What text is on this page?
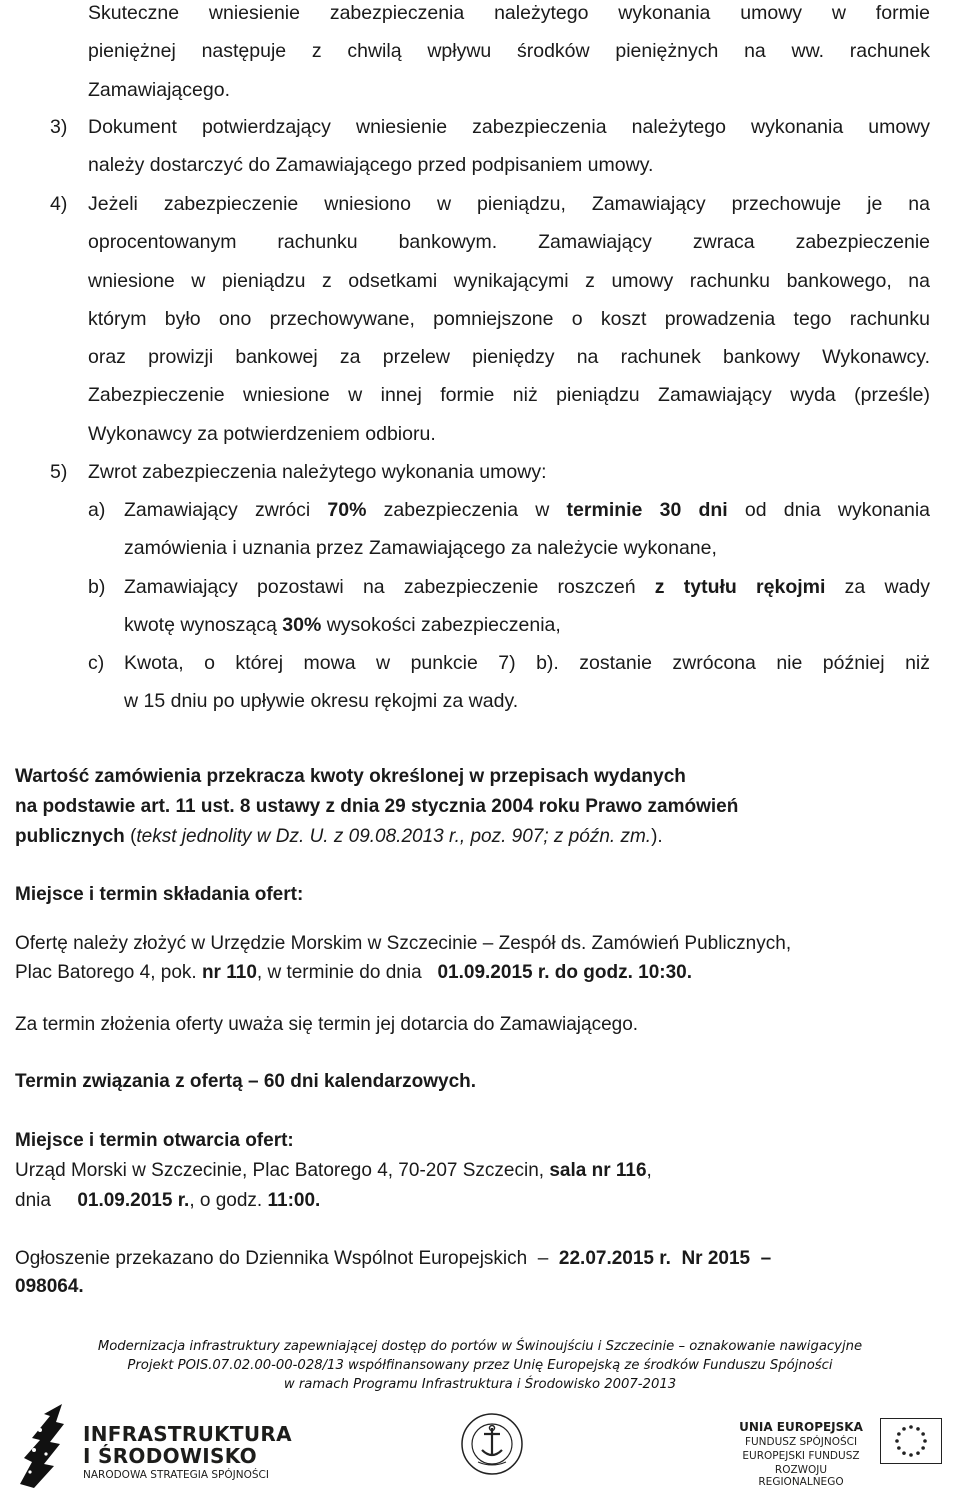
Skuteczne wniesienie zabezpieczenia należytego wykonania umowy w formie
pieniężnej następuje z chwilą wpływu środków pieniężnych na ww. rachunek
Zamawiającego.
3) Dokument potwierdzający wniesienie zabezpieczenia należytego wykonania umowy
należy dostarczyć do Zamawiającego przed podpisaniem umowy.
4) Jeżeli zabezpieczenie wniesiono w pieniądzu, Zamawiający przechowuje je na
oprocentowanym rachunku bankowym. Zamawiający zwraca zabezpieczenie
wniesione w pieniądzu z odsetkami wynikającymi z umowy rachunku bankowego, na
którym było ono przechowywane, pomniejszone o koszt prowadzenia tego rachunku
oraz prowizji bankowej za przelew pieniędzy na rachunek bankowy Wykonawcy.
Zabezpieczenie wniesione w innej formie niż pieniądzu Zamawiający wyda (prześle)
Wykonawcy za potwierdzeniem odbioru.
5) Zwrot zabezpieczenia należytego wykonania umowy:
a) Zamawiający zwróci 70% zabezpieczenia w terminie 30 dni od dnia wykonania
zamówienia i uznania przez Zamawiającego za należycie wykonane,
b) Zamawiający pozostawi na zabezpieczenie roszczeń z tytułu rękojmi za wady
kwotę wynoszącą 30% wysokości zabezpieczenia,
c) Kwota, o której mowa w punkcie 7) b). zostanie zwrócona nie później niż
w 15 dniu po upływie okresu rękojmi za wady.
Wartość zamówienia przekracza kwoty określonej w przepisach wydanych
na podstawie art. 11 ust. 8 ustawy z dnia 29 stycznia 2004 roku Prawo zamówień
publicznych (tekst jednolity w Dz. U. z 09.08.2013 r., poz. 907; z późn. zm.).
Miejsce i termin składania ofert:
Ofertę należy złożyć w Urzędzie Morskim w Szczecinie – Zespół ds. Zamówień Publicznych,
Plac Batorego 4, pok. nr 110, w terminie do dnia   01.09.2015 r. do godz. 10:30.
Za termin złożenia oferty uważa się termin jej dotarcia do Zamawiającego.
Termin związania z ofertą – 60 dni kalendarzowych.
Miejsce i termin otwarcia ofert:
Urząd Morski w Szczecinie, Plac Batorego 4, 70-207 Szczecin, sala nr 116,
dnia     01.09.2015 r., o godz. 11:00.
Ogłoszenie przekazano do Dziennika Wspólnot Europejskich  –  22.07.2015 r.  Nr 2015  –
098064.
Modernizacja infrastruktury zapewniającej dostęp do portów w Świnoujściu i Szczecinie – oznakowanie nawigacyjne
Projekt POIS.07.02.00-00-028/13 współfinansowany przez Unię Europejską ze środków Funduszu Spójności
w ramach Programu Infrastruktura i Środowisko 2007-2013
INFRASTRUKTURA
I ŚRODOWISKO
NARODOWA STRATEGIA SPÓJNOŚCI
UNIA EUROPEJSKA
FUNDUSZ SPÓJNOŚCI
EUROPEJSKI FUNDUSZ
ROZWOJU REGIONALNEGO
